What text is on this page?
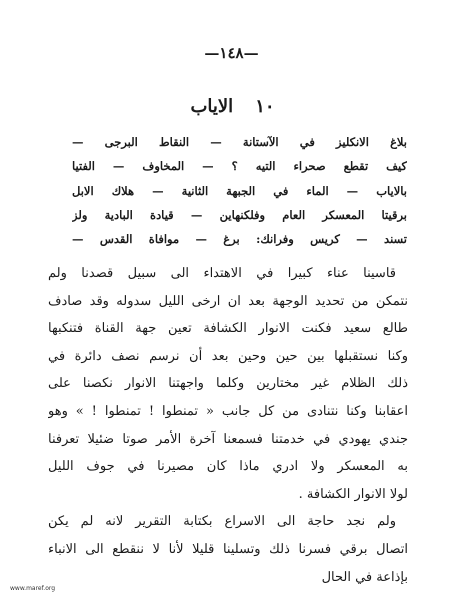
—١٤٨—
١٠الاياب
بلاغ الانكليز في الآستانة — النقاط البرجى —
كيف تقطع صحراء التيه ؟ — المخاوف — الفتيا
بالاياب — الماء في الجبهة الثانية — هلاك الابل
برقيتا المعسكر العام وفلكنهاين — قيادة البادية ولز
تسند — كريس وفرانك: برغ — موافاة القدس —
قاسينا عناء كبيرا في الاهتداء الى سبيل قصدنا ولم
نتمكن من تحديد الوجهة بعد ان ارخى الليل سدوله وقد صادف
طالع سعيد فكنت الانوار الكشافة تعين جهة القناة فتنكبها
وكنا نستقبلها بين حين وحين بعد أن نرسم نصف دائرة في
ذلك الظلام غير مختارين وكلما واجهتنا الانوار نكصنا على
اعقابنا وكنا نتنادى من كل جانب « تمنطوا ! تمنطوا ! » وهو
جندي يهودي في خدمتنا فسمعنا آخرة الأمر صوتا ضئيلا تعرفنا
به المعسكر ولا ادري ماذا كان مصيرنا في جوف الليل
لولا الانوار الكشافة .
ولم نجد حاجة الى الاسراع بكتابة التقرير لانه لم يكن
اتصال برقي فسرنا ذلك وتسلينا قليلا لأنا لا ننقطع الى الانباء
بإذاعة في الحال
www.maref.org
